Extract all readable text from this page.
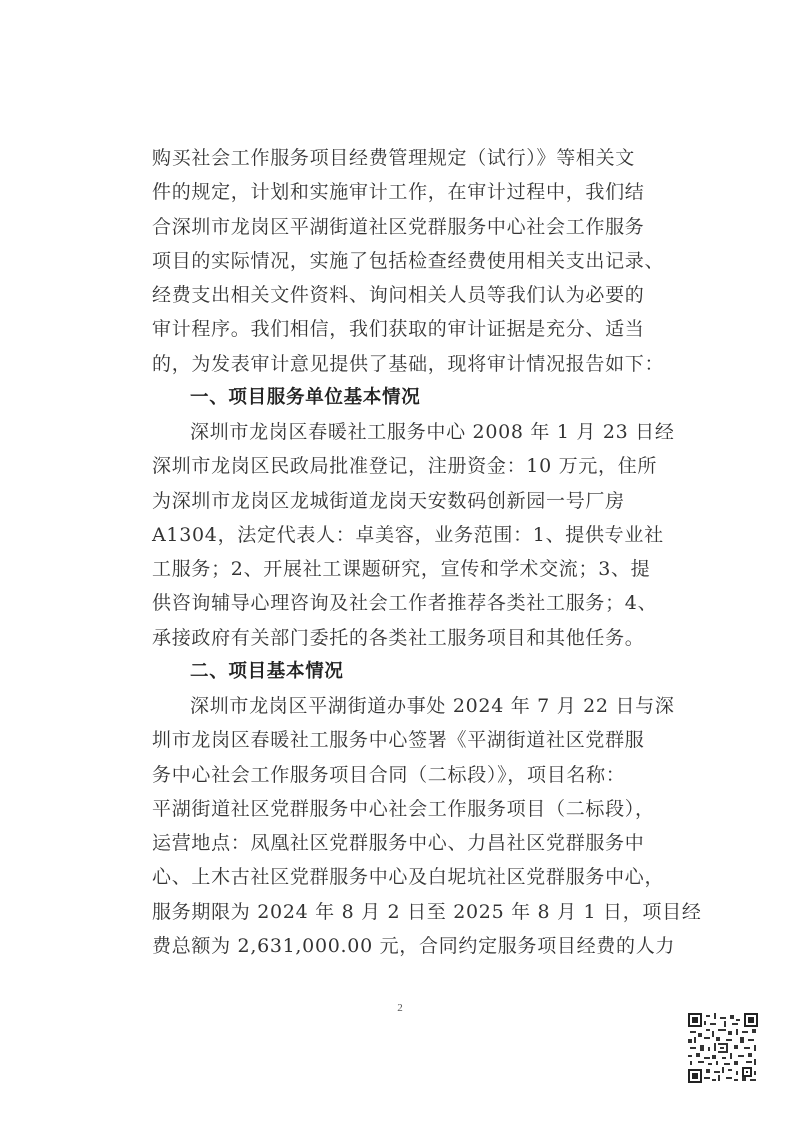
购买社会工作服务项目经费管理规定（试行）》等相关文
件的规定，计划和实施审计工作，在审计过程中，我们结
合深圳市龙岗区平湖街道社区党群服务中心社会工作服务
项目的实际情况，实施了包括检查经费使用相关支出记录、
经费支出相关文件资料、询问相关人员等我们认为必要的
审计程序。我们相信，我们获取的审计证据是充分、适当
的，为发表审计意见提供了基础，现将审计情况报告如下：
一、项目服务单位基本情况
深圳市龙岗区春暖社工服务中心 2008 年 1 月 23 日经
深圳市龙岗区民政局批准登记，注册资金：10 万元，住所
为深圳市龙岗区龙城街道龙岗天安数码创新园一号厂房
A1304，法定代表人：卓美容，业务范围：1、提供专业社
工服务；2、开展社工课题研究，宣传和学术交流；3、提
供咨询辅导心理咨询及社会工作者推荐各类社工服务；4、
承接政府有关部门委托的各类社工服务项目和其他任务。
二、项目基本情况
深圳市龙岗区平湖街道办事处 2024 年 7 月 22 日与深
圳市龙岗区春暖社工服务中心签署《平湖街道社区党群服
务中心社会工作服务项目合同（二标段）》，项目名称：
平湖街道社区党群服务中心社会工作服务项目（二标段），
运营地点：凤凰社区党群服务中心、力昌社区党群服务中
心、上木古社区党群服务中心及白坭坑社区党群服务中心，
服务期限为 2024 年 8 月 2 日至 2025 年 8 月 1 日，项目经
费总额为 2,631,000.00 元，合同约定服务项目经费的人力
2
